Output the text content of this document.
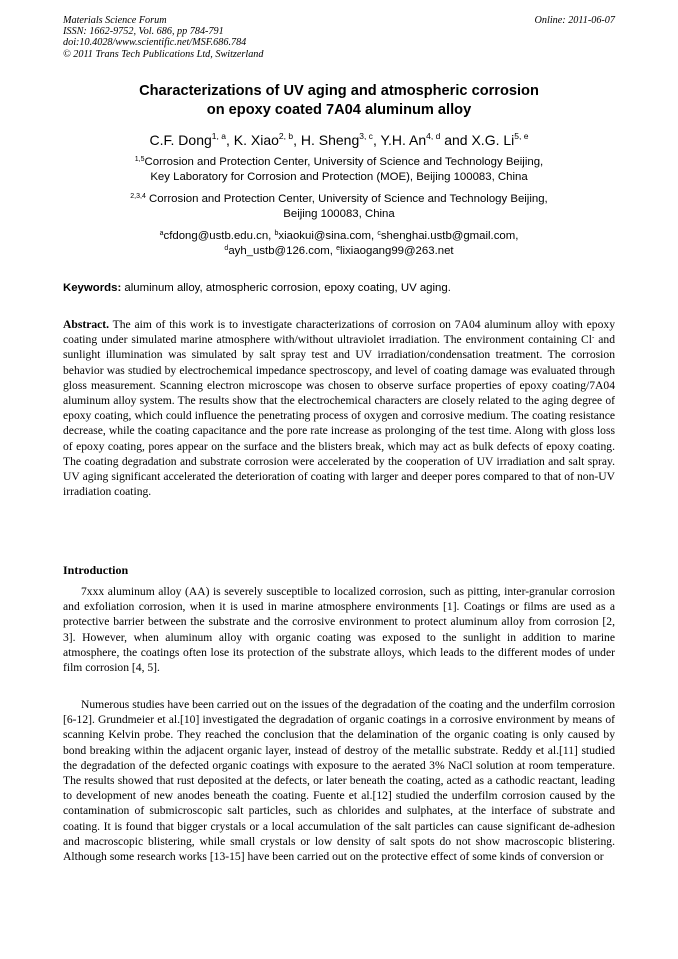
Materials Science Forum
ISSN: 1662-9752, Vol. 686, pp 784-791
doi:10.4028/www.scientific.net/MSF.686.784
© 2011 Trans Tech Publications Ltd, Switzerland
Online: 2011-06-07
Characterizations of UV aging and atmospheric corrosion
on epoxy coated 7A04 aluminum alloy
C.F. Dong$^{1, a}$, K. Xiao$^{2, b}$, H. Sheng$^{3, c}$, Y.H. An$^{4, d}$ and X.G. Li$^{5, e}$
$^{1,5}$Corrosion and Protection Center, University of Science and Technology Beijing,
Key Laboratory for Corrosion and Protection (MOE), Beijing 100083, China
$^{2,3,4}$ Corrosion and Protection Center, University of Science and Technology Beijing,
Beijing 100083, China
$^a$cfdong@ustb.edu.cn, $^b$xiaokui@sina.com, $^c$shenghai.ustb@gmail.com,
$^d$ayh_ustb@126.com, $^e$lixiaogang99@263.net
Keywords: aluminum alloy, atmospheric corrosion, epoxy coating, UV aging.
Abstract. The aim of this work is to investigate characterizations of corrosion on 7A04 aluminum alloy with epoxy coating under simulated marine atmosphere with/without ultraviolet irradiation. The environment containing Cl- and sunlight illumination was simulated by salt spray test and UV irradiation/condensation treatment. The corrosion behavior was studied by electrochemical impedance spectroscopy, and level of coating damage was evaluated through gloss measurement. Scanning electron microscope was chosen to observe surface properties of epoxy coating/7A04 aluminum alloy system. The results show that the electrochemical characters are closely related to the aging degree of epoxy coating, which could influence the penetrating process of oxygen and corrosive medium. The coating resistance decrease, while the coating capacitance and the pore rate increase as prolonging of the test time. Along with gloss loss of epoxy coating, pores appear on the surface and the blisters break, which may act as bulk defects of epoxy coating. The coating degradation and substrate corrosion were accelerated by the cooperation of UV irradiation and salt spray. UV aging significant accelerated the deterioration of coating with larger and deeper pores compared to that of non-UV irradiation coating.
Introduction

7xxx aluminum alloy (AA) is severely susceptible to localized corrosion, such as pitting, inter-granular corrosion and exfoliation corrosion, when it is used in marine atmosphere environments [1]. Coatings or films are used as a protective barrier between the substrate and the corrosive environment to protect aluminum alloy from corrosion [2, 3]. However, when aluminum alloy with organic coating was exposed to the sunlight in addition to marine atmosphere, the coatings often lose its protection of the substrate alloys, which leads to the different modes of under film corrosion [4, 5].

Numerous studies have been carried out on the issues of the degradation of the coating and the underfilm corrosion [6-12]. Grundmeier et al.[10] investigated the degradation of organic coatings in a corrosive environment by means of scanning Kelvin probe. They reached the conclusion that the delamination of the organic coating is only caused by bond breaking within the adjacent organic layer, instead of destroy of the metallic substrate. Reddy et al.[11] studied the degradation of the defected organic coatings with exposure to the aerated 3% NaCl solution at room temperature. The results showed that rust deposited at the defects, or later beneath the coating, acted as a cathodic reactant, leading to development of new anodes beneath the coating. Fuente et al.[12] studied the underfilm corrosion caused by the contamination of submicroscopic salt particles, such as chlorides and sulphates, at the interface of substrate and coating. It is found that bigger crystals or a local accumulation of the salt particles can cause significant de-adhesion and macroscopic blistering, while small crystals or low density of salt spots do not show macroscopic blistering. Although some research works [13-15] have been carried out on the protective effect of some kinds of conversion or
